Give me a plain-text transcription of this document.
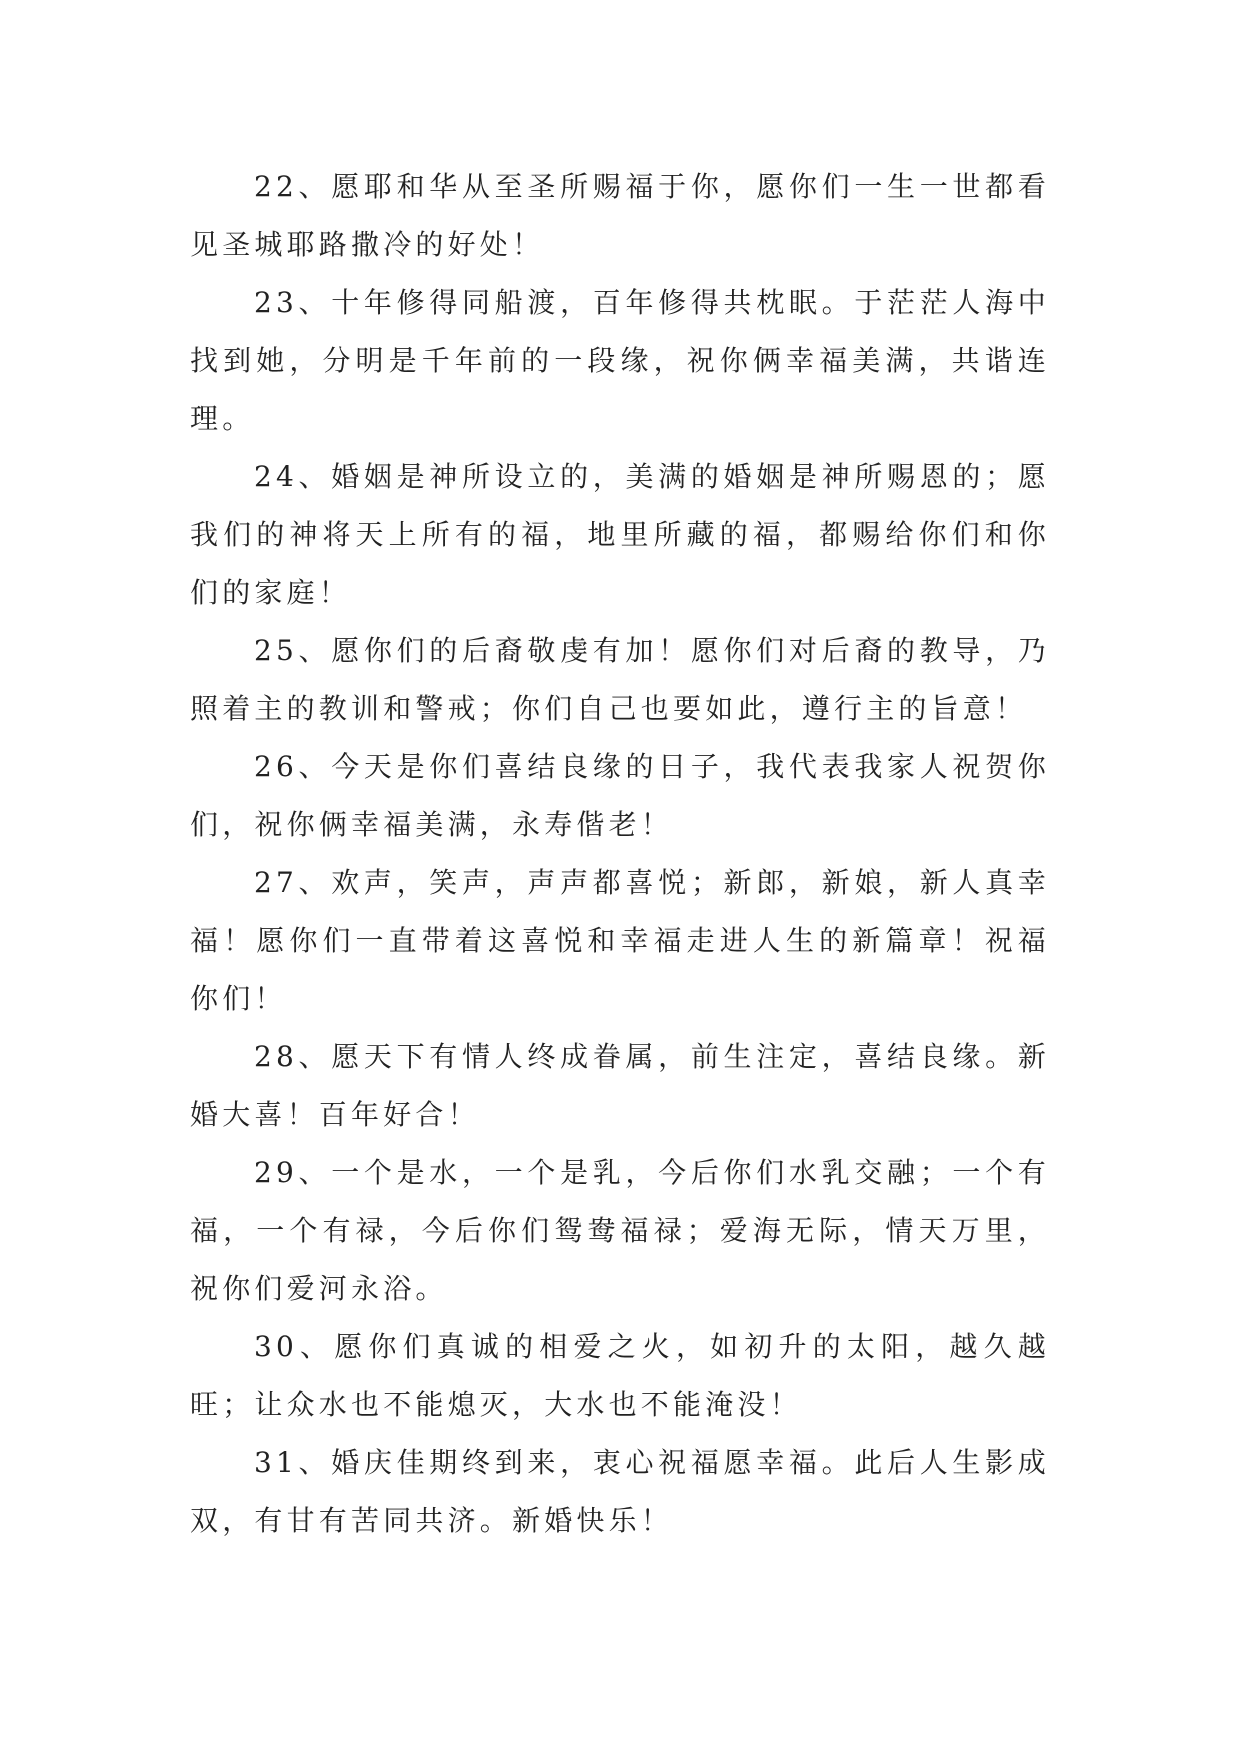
22、愿耶和华从至圣所赐福于你，愿你们一生一世都看见圣城耶路撒冷的好处！

23、十年修得同船渡，百年修得共枕眠。于茫茫人海中找到她，分明是千年前的一段缘，祝你俩幸福美满，共谐连理。

24、婚姻是神所设立的，美满的婚姻是神所赐恩的；愿我们的神将天上所有的福，地里所藏的福，都赐给你们和你们的家庭！

25、愿你们的后裔敬虔有加！愿你们对后裔的教导，乃照着主的教训和警戒；你们自己也要如此，遵行主的旨意！

26、今天是你们喜结良缘的日子，我代表我家人祝贺你们，祝你俩幸福美满，永寿偕老！

27、欢声，笑声，声声都喜悦；新郎，新娘，新人真幸福！愿你们一直带着这喜悦和幸福走进人生的新篇章！祝福你们！

28、愿天下有情人终成眷属，前生注定，喜结良缘。新婚大喜！百年好合！

29、一个是水，一个是乳，今后你们水乳交融；一个有福，一个有禄，今后你们鸳鸯福禄；爱海无际，情天万里，祝你们爱河永浴。

30、愿你们真诚的相爱之火，如初升的太阳，越久越旺；让众水也不能熄灭，大水也不能淹没！

31、婚庆佳期终到来，衷心祝福愿幸福。此后人生影成双，有甘有苦同共济。新婚快乐！
